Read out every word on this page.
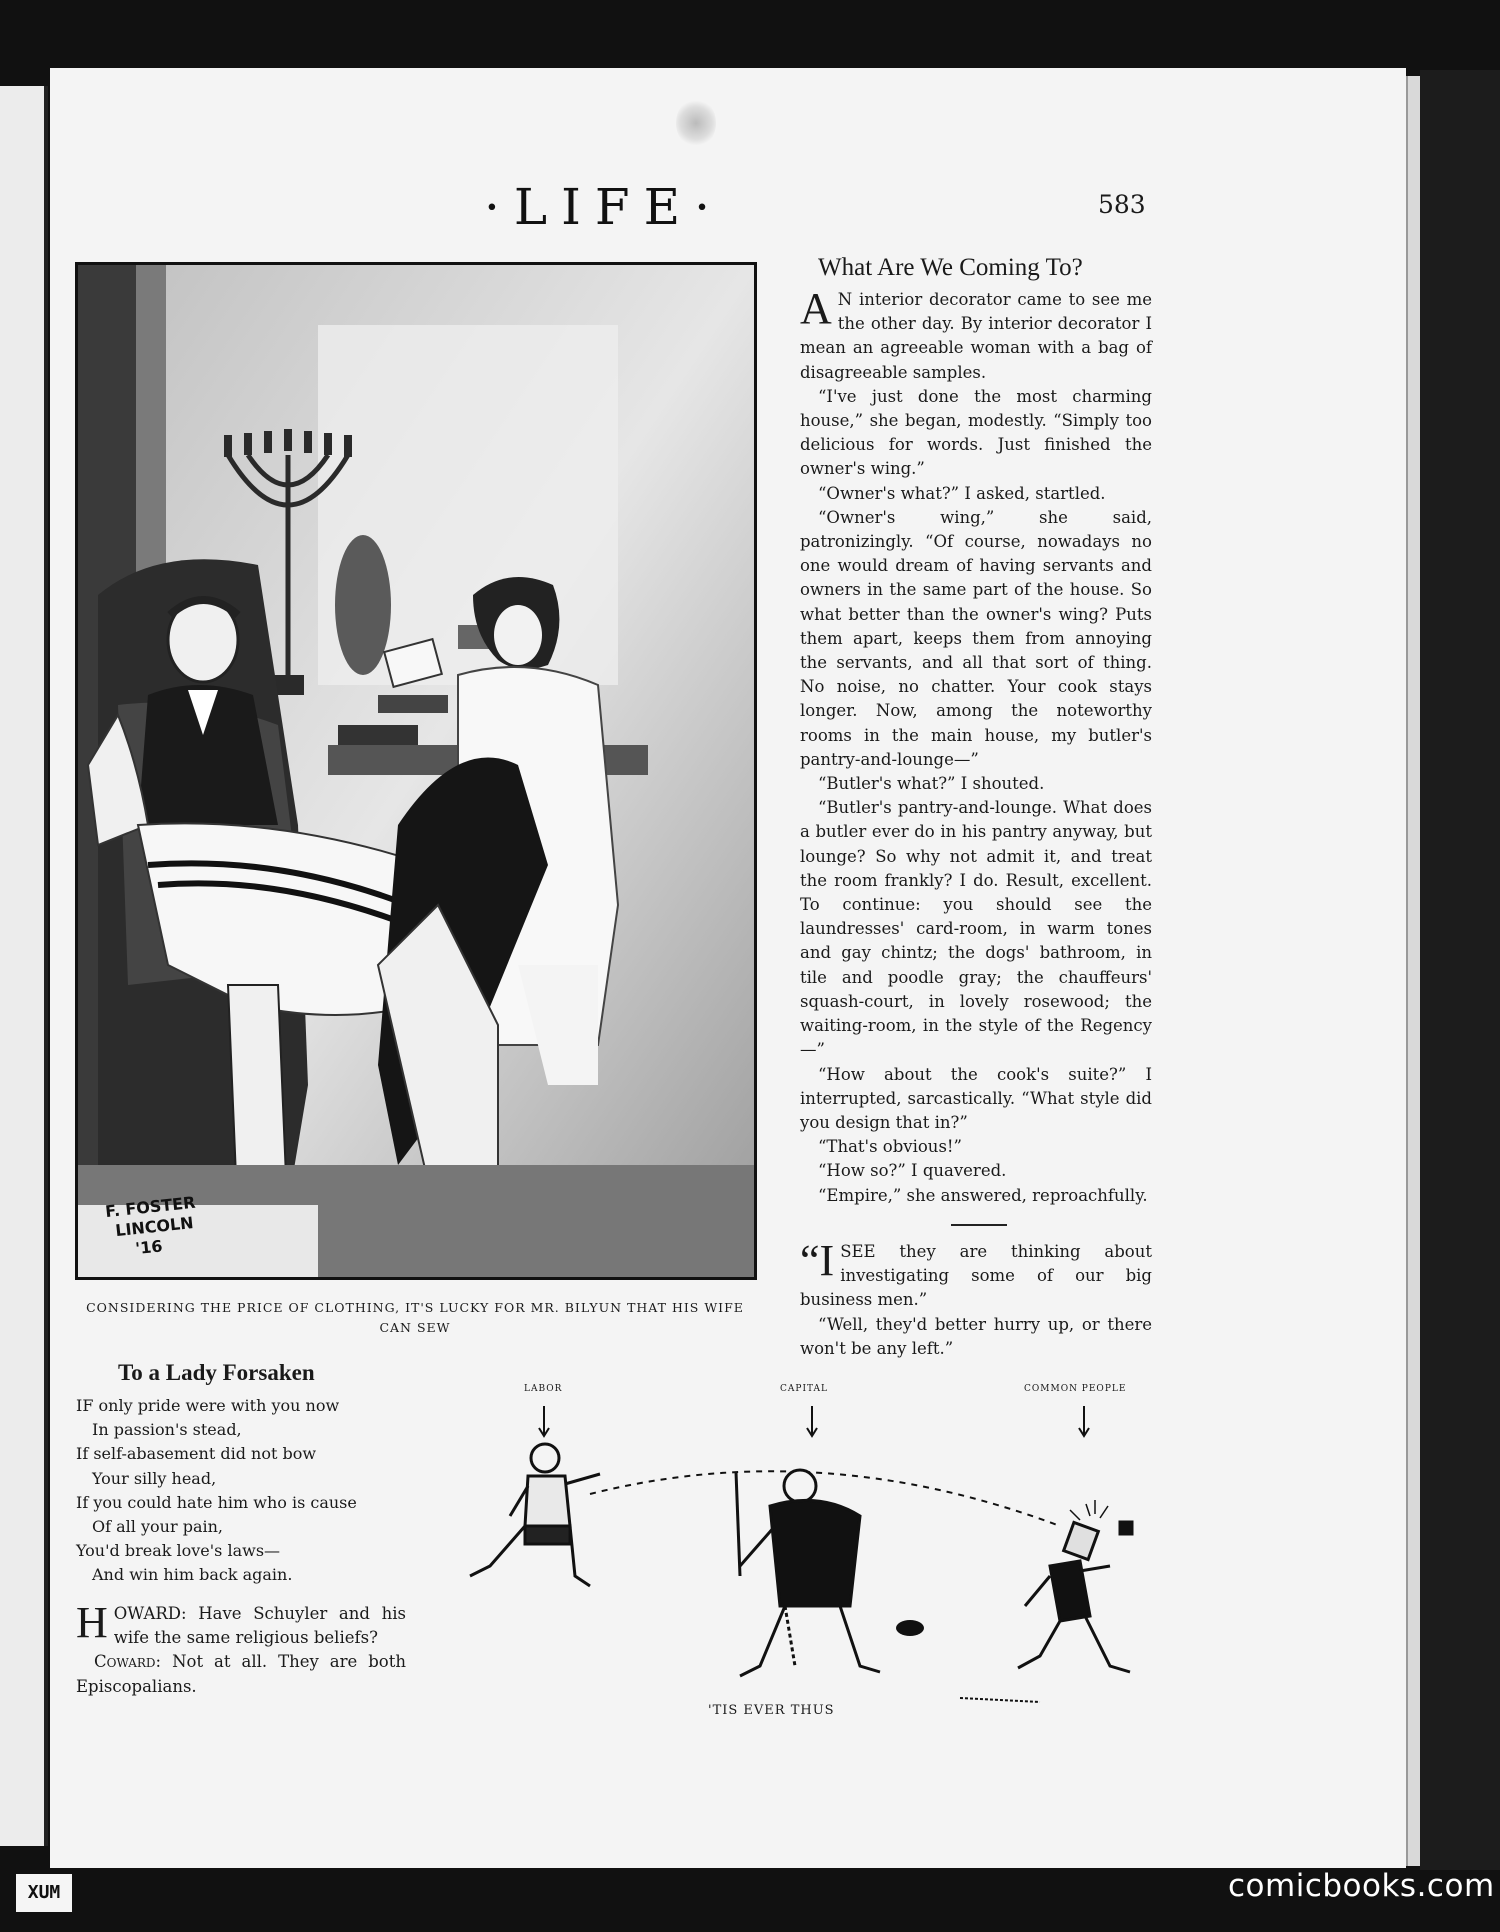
·LIFE·	583
F. FOSTER
LINCOLN
'16
CONSIDERING THE PRICE OF CLOTHING, IT'S LUCKY FOR MR. BILYUN THAT HIS WIFE CAN SEW
What Are We Coming To?

A N interior decorator came to see me the other day. By interior decorator I mean an agreeable woman with a bag of disagreeable samples.

“I've just done the most charming house,” she began, modestly. “Simply too delicious for words. Just finished the owner's wing.”

“Owner's what?” I asked, startled.

“Owner's wing,” she said, patronizingly. “Of course, nowadays no one would dream of having servants and owners in the same part of the house. So what better than the owner's wing? Puts them apart, keeps them from annoying the servants, and all that sort of thing. No noise, no chatter. Your cook stays longer. Now, among the noteworthy rooms in the main house, my butler's pantry-and-lounge—”

“Butler's what?” I shouted.

“Butler's pantry-and-lounge. What does a butler ever do in his pantry anyway, but lounge? So why not admit it, and treat the room frankly? I do. Result, excellent. To continue: you should see the laundresses' card-room, in warm tones and gay chintz; the dogs' bathroom, in tile and poodle gray; the chauffeurs' squash-court, in lovely rosewood; the waiting-room, in the style of the Regency—”

“How about the cook's suite?” I interrupted, sarcastically. “What style did you design that in?”

“That's obvious!”

“How so?” I quavered.

“Empire,” she answered, reproachfully.

“ISEE they are thinking about investigating some of our big business men.”

“Well, they'd better hurry up, or there won't be any left.”

To a Lady Forsaken
IF only pride were with you now
In passion's stead,
If self-abasement did not bow
Your silly head,
If you could hate him who is cause
Of all your pain,
You'd break love's laws—
And win him back again.

HOWARD: Have Schuyler and his wife the same religious beliefs?

Coward: Not at all. They are both Episcopalians.

LABOR	CAPITAL	COMMON PEOPLE
'TIS EVER THUS
XUM	comicbooks.com
